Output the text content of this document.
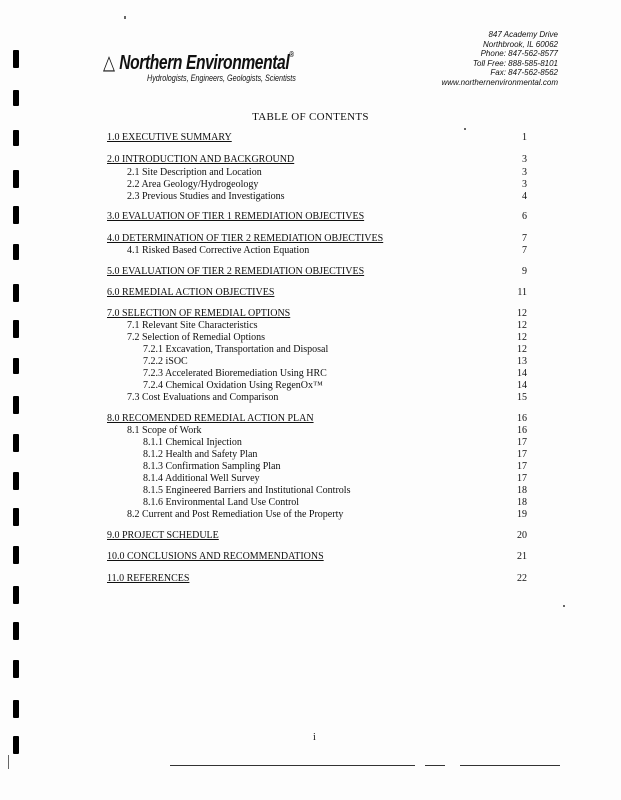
△ Northern Environmental®
Hydrologists, Engineers, Geologists, Scientists
847 Academy Drive
Northbrook, IL 60062
Phone: 847-562-8577
Toll Free: 888-585-8101
Fax: 847-562-8562
www.northernenvironmental.com
TABLE OF CONTENTS
1.0 EXECUTIVE SUMMARY	1
2.0 INTRODUCTION AND BACKGROUND	3
2.1 Site Description and Location	3
2.2 Area Geology/Hydrogeology	3
2.3 Previous Studies and Investigations	4
3.0 EVALUATION OF TIER 1 REMEDIATION OBJECTIVES	6
4.0 DETERMINATION OF TIER 2 REMEDIATION OBJECTIVES	7
4.1 Risked Based Corrective Action Equation	7
5.0 EVALUATION OF TIER 2 REMEDIATION OBJECTIVES	9
6.0 REMEDIAL ACTION OBJECTIVES	11
7.0 SELECTION OF REMEDIAL OPTIONS	12
7.1 Relevant Site Characteristics	12
7.2 Selection of Remedial Options	12
7.2.1 Excavation, Transportation and Disposal	12
7.2.2 iSOC	13
7.2.3 Accelerated Bioremediation Using HRC	14
7.2.4 Chemical Oxidation Using RegenOx™	14
7.3 Cost Evaluations and Comparison	15
8.0 RECOMENDED REMEDIAL ACTION PLAN	16
8.1 Scope of Work	16
8.1.1 Chemical Injection	17
8.1.2 Health and Safety Plan	17
8.1.3 Confirmation Sampling Plan	17
8.1.4 Additional Well Survey	17
8.1.5 Engineered Barriers and Institutional Controls	18
8.1.6 Environmental Land Use Control	18
8.2 Current and Post Remediation Use of the Property	19
9.0 PROJECT SCHEDULE	20
10.0 CONCLUSIONS AND RECOMMENDATIONS	21
11.0 REFERENCES	22
i
